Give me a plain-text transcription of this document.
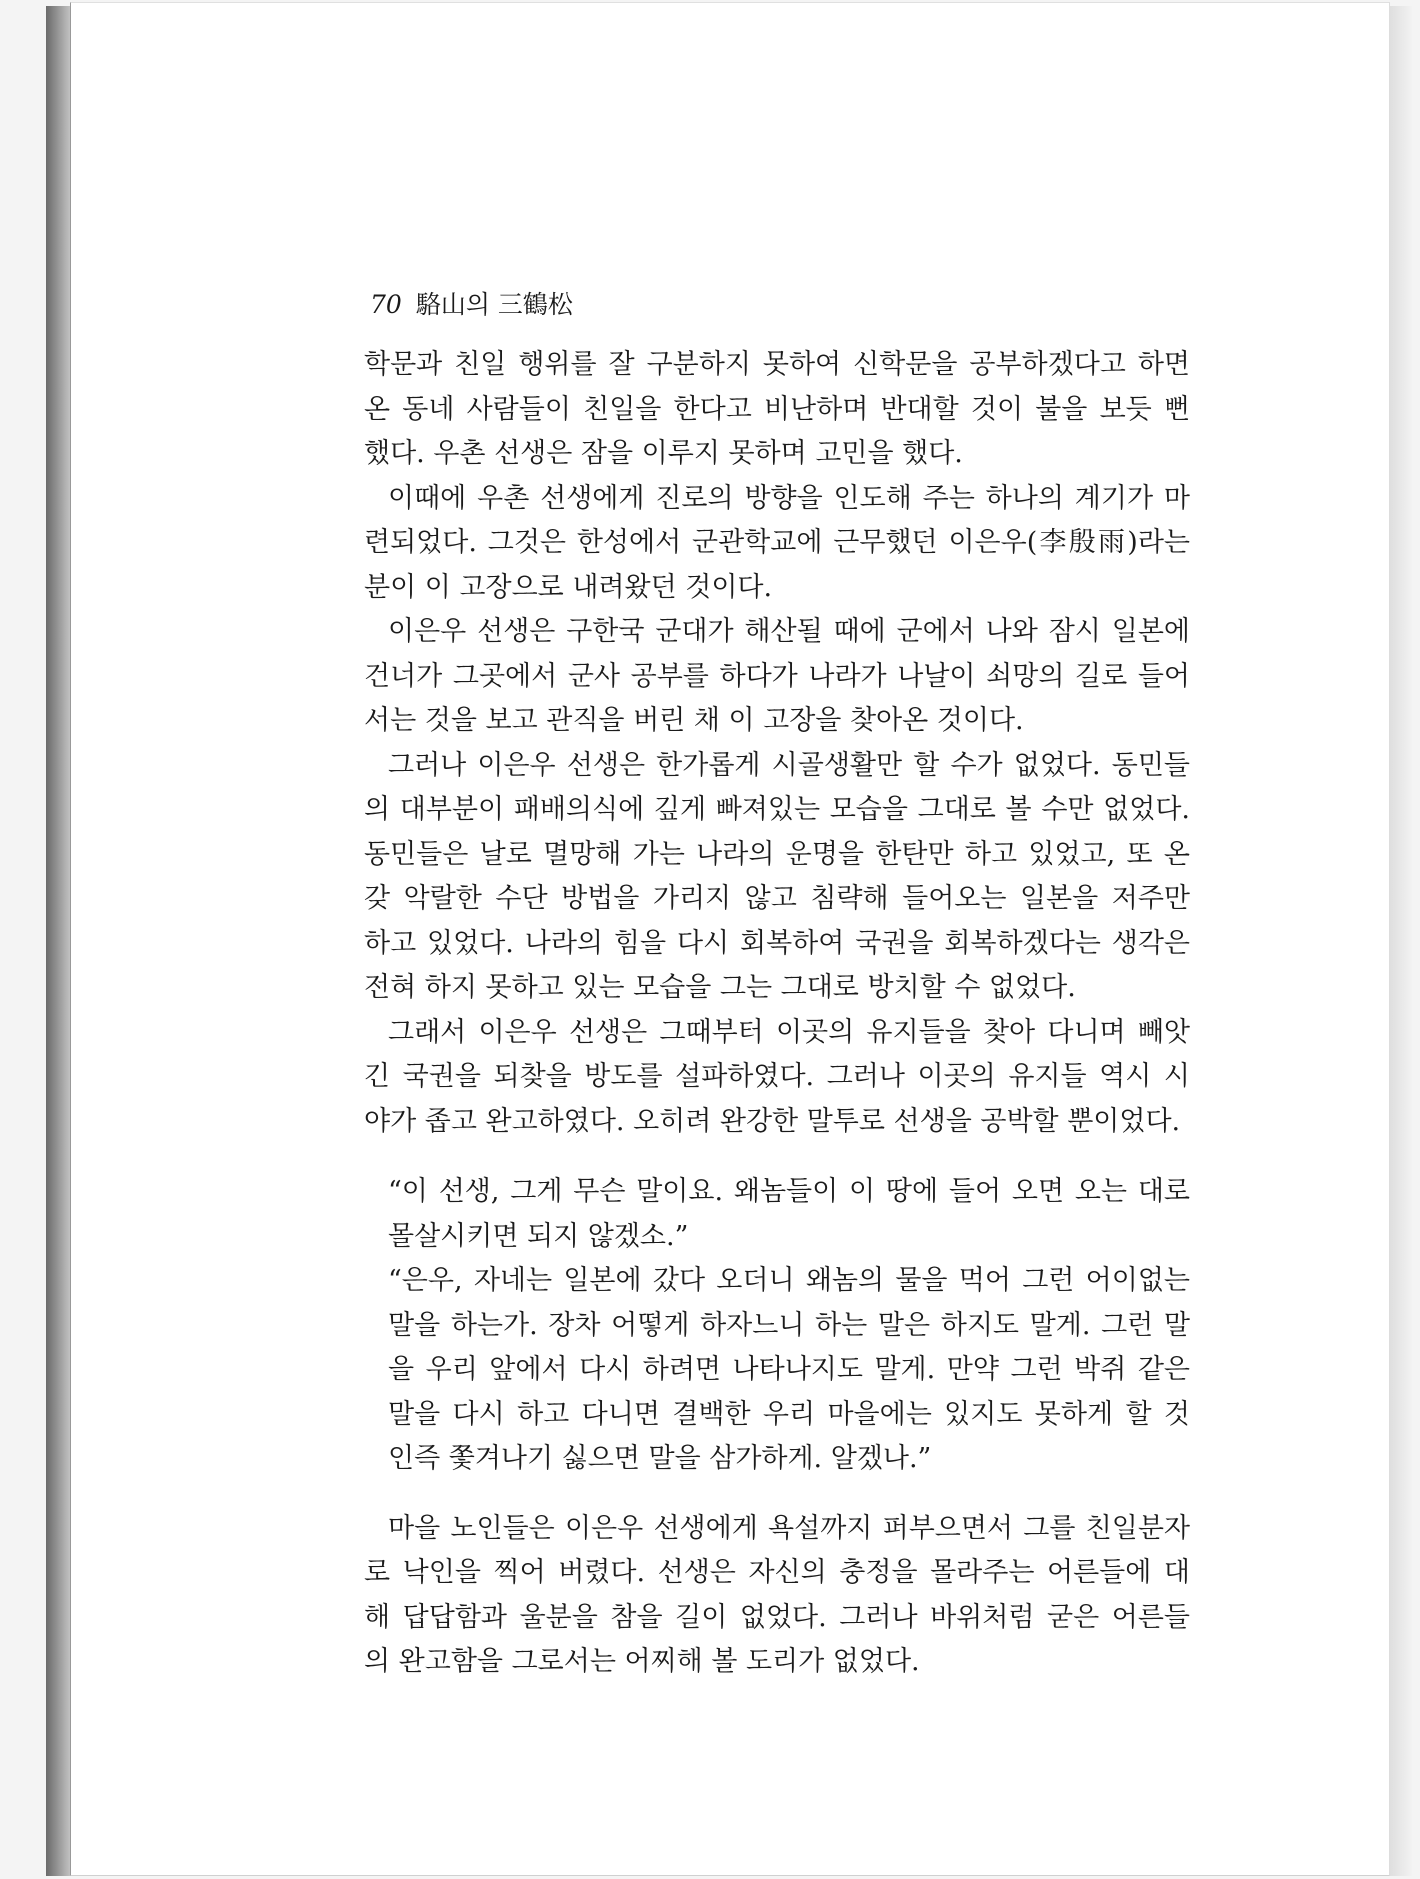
70 駱山의 三鶴松

학문과 친일 행위를 잘 구분하지 못하여 신학문을 공부하겠다고 하면

온 동네 사람들이 친일을 한다고 비난하며 반대할 것이 불을 보듯 뻔

했다. 우촌 선생은 잠을 이루지 못하며 고민을 했다.

이때에 우촌 선생에게 진로의 방향을 인도해 주는 하나의 계기가 마

련되었다. 그것은 한성에서 군관학교에 근무했던 이은우(李殷雨)라는

분이 이 고장으로 내려왔던 것이다.

이은우 선생은 구한국 군대가 해산될 때에 군에서 나와 잠시 일본에

건너가 그곳에서 군사 공부를 하다가 나라가 나날이 쇠망의 길로 들어

서는 것을 보고 관직을 버린 채 이 고장을 찾아온 것이다.

그러나 이은우 선생은 한가롭게 시골생활만 할 수가 없었다. 동민들

의 대부분이 패배의식에 깊게 빠져있는 모습을 그대로 볼 수만 없었다.

동민들은 날로 멸망해 가는 나라의 운명을 한탄만 하고 있었고, 또 온

갖 악랄한 수단 방법을 가리지 않고 침략해 들어오는 일본을 저주만

하고 있었다. 나라의 힘을 다시 회복하여 국권을 회복하겠다는 생각은

전혀 하지 못하고 있는 모습을 그는 그대로 방치할 수 없었다.

그래서 이은우 선생은 그때부터 이곳의 유지들을 찾아 다니며 빼앗

긴 국권을 되찾을 방도를 설파하였다. 그러나 이곳의 유지들 역시 시

야가 좁고 완고하였다. 오히려 완강한 말투로 선생을 공박할 뿐이었다.

“이 선생, 그게 무슨 말이요. 왜놈들이 이 땅에 들어 오면 오는 대로

몰살시키면 되지 않겠소.”

“은우, 자네는 일본에 갔다 오더니 왜놈의 물을 먹어 그런 어이없는

말을 하는가. 장차 어떻게 하자느니 하는 말은 하지도 말게. 그런 말

을 우리 앞에서 다시 하려면 나타나지도 말게. 만약 그런 박쥐 같은

말을 다시 하고 다니면 결백한 우리 마을에는 있지도 못하게 할 것

인즉 쫓겨나기 싫으면 말을 삼가하게. 알겠나.”

마을 노인들은 이은우 선생에게 욕설까지 퍼부으면서 그를 친일분자

로 낙인을 찍어 버렸다. 선생은 자신의 충정을 몰라주는 어른들에 대

해 답답함과 울분을 참을 길이 없었다. 그러나 바위처럼 굳은 어른들

의 완고함을 그로서는 어찌해 볼 도리가 없었다.
